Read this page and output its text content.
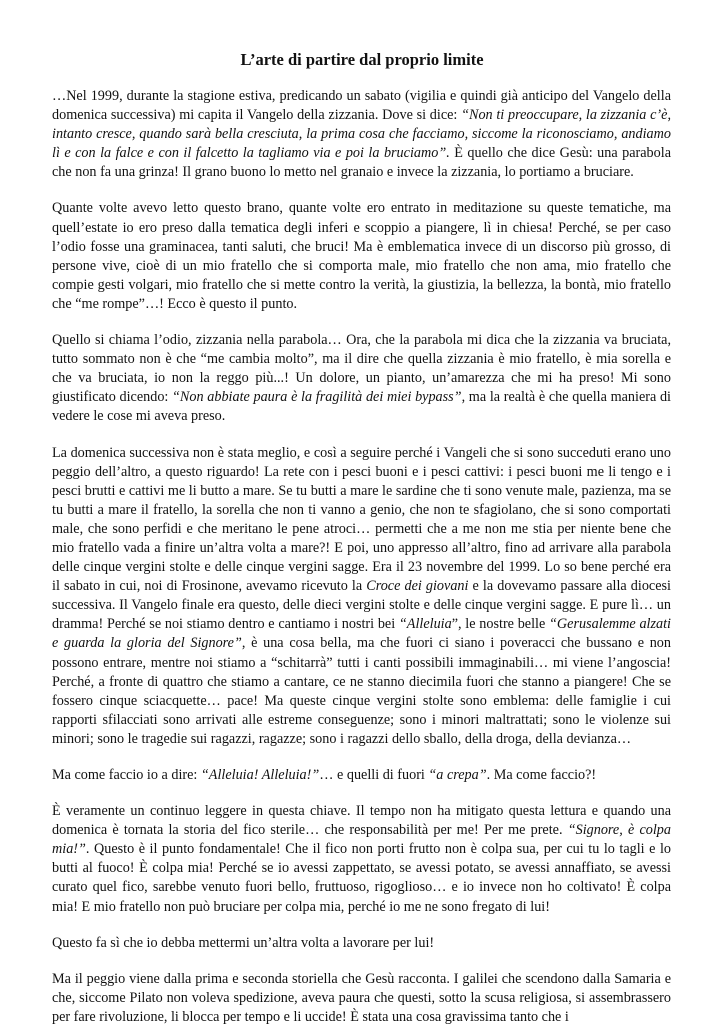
L’arte di partire dal proprio limite

…Nel 1999, durante la stagione estiva, predicando un sabato (vigilia e quindi già anticipo del Vangelo della domenica successiva) mi capita il Vangelo della zizzania. Dove si dice: “Non ti preoccupare, la zizzania c’è, intanto cresce, quando sarà bella cresciuta, la prima cosa che facciamo, siccome la riconosciamo, andiamo lì e con la falce e con il falcetto la tagliamo via e poi la bruciamo”. È quello che dice Gesù: una parabola che non fa una grinza! Il grano buono lo metto nel granaio e invece la zizzania, lo portiamo a bruciare.

Quante volte avevo letto questo brano, quante volte ero entrato in meditazione su queste tematiche, ma quell’estate io ero preso dalla tematica degli inferi e scoppio a piangere, lì in chiesa! Perché, se per caso l’odio fosse una graminacea, tanti saluti, che bruci! Ma è emblematica invece di un discorso più grosso, di persone vive, cioè di un mio fratello che si comporta male, mio fratello che non ama, mio fratello che compie gesti volgari, mio fratello che si mette contro la verità, la giustizia, la bellezza, la bontà, mio fratello che “me rompe”…! Ecco è questo il punto.

Quello si chiama l’odio, zizzania nella parabola… Ora, che la parabola mi dica che la zizzania va bruciata, tutto sommato non è che “me cambia molto”, ma il dire che quella zizzania è mio fratello, è mia sorella e che va bruciata, io non la reggo più...! Un dolore, un pianto, un’amarezza che mi ha preso! Mi sono giustificato dicendo: “Non abbiate paura è la fragilità dei miei bypass”, ma la realtà è che quella maniera di vedere le cose mi aveva preso.

La domenica successiva non è stata meglio, e così a seguire perché i Vangeli che si sono succeduti erano uno peggio dell’altro, a questo riguardo! La rete con i pesci buoni e i pesci cattivi: i pesci buoni me li tengo e i pesci brutti e cattivi me li butto a mare. Se tu butti a mare le sardine che ti sono venute male, pazienza, ma se tu butti a mare il fratello, la sorella che non ti vanno a genio, che non te sfagiolano, che si sono comportati male, che sono perfidi e che meritano le pene atroci… permetti che a me non me stia per niente bene che mio fratello vada a finire un’altra volta a mare?! E poi, uno appresso all’altro, fino ad arrivare alla parabola delle cinque vergini stolte e delle cinque vergini sagge. Era il 23 novembre del 1999. Lo so bene perché era il sabato in cui, noi di Frosinone, avevamo ricevuto la Croce dei giovani e la dovevamo passare alla diocesi successiva. Il Vangelo finale era questo, delle dieci vergini stolte e delle cinque vergini sagge. E pure lì… un dramma! Perché se noi stiamo dentro e cantiamo i nostri bei “Alleluia”, le nostre belle “Gerusalemme alzati e guarda la gloria del Signore”, è una cosa bella, ma che fuori ci siano i poveracci che bussano e non possono entrare, mentre noi stiamo a “schitarrà” tutti i canti possibili immaginabili… mi viene l’angoscia! Perché, a fronte di quattro che stiamo a cantare, ce ne stanno diecimila fuori che stanno a piangere! Che se fossero cinque sciacquette… pace! Ma queste cinque vergini stolte sono emblema: delle famiglie i cui rapporti sfilacciati sono arrivati alle estreme conseguenze; sono i minori maltrattati; sono le violenze sui minori; sono le tragedie sui ragazzi, ragazze; sono i ragazzi dello sballo, della droga, della devianza…

Ma come faccio io a dire: “Alleluia! Alleluia!”… e quelli di fuori “a crepa”. Ma come faccio?!

È veramente un continuo leggere in questa chiave. Il tempo non ha mitigato questa lettura e quando una domenica è tornata la storia del fico sterile… che responsabilità per me! Per me prete. “Signore, è colpa mia!”. Questo è il punto fondamentale! Che il fico non porti frutto non è colpa sua, per cui tu lo tagli e lo butti al fuoco! È colpa mia! Perché se io avessi zappettato, se avessi potato, se avessi annaffiato, se avessi curato quel fico, sarebbe venuto fuori bello, fruttuoso, rigoglioso… e io invece non ho coltivato! È colpa mia! E mio fratello non può bruciare per colpa mia, perché io me ne sono fregato di lui!

Questo fa sì che io debba mettermi un’altra volta a lavorare per lui!

Ma il peggio viene dalla prima e seconda storiella che Gesù racconta. I galilei che scendono dalla Samaria e che, siccome Pilato non voleva spedizione, aveva paura che questi, sotto la scusa religiosa, si assembrassero per fare rivoluzione, li blocca per tempo e li uccide! È stata una cosa gravissima tanto che i
